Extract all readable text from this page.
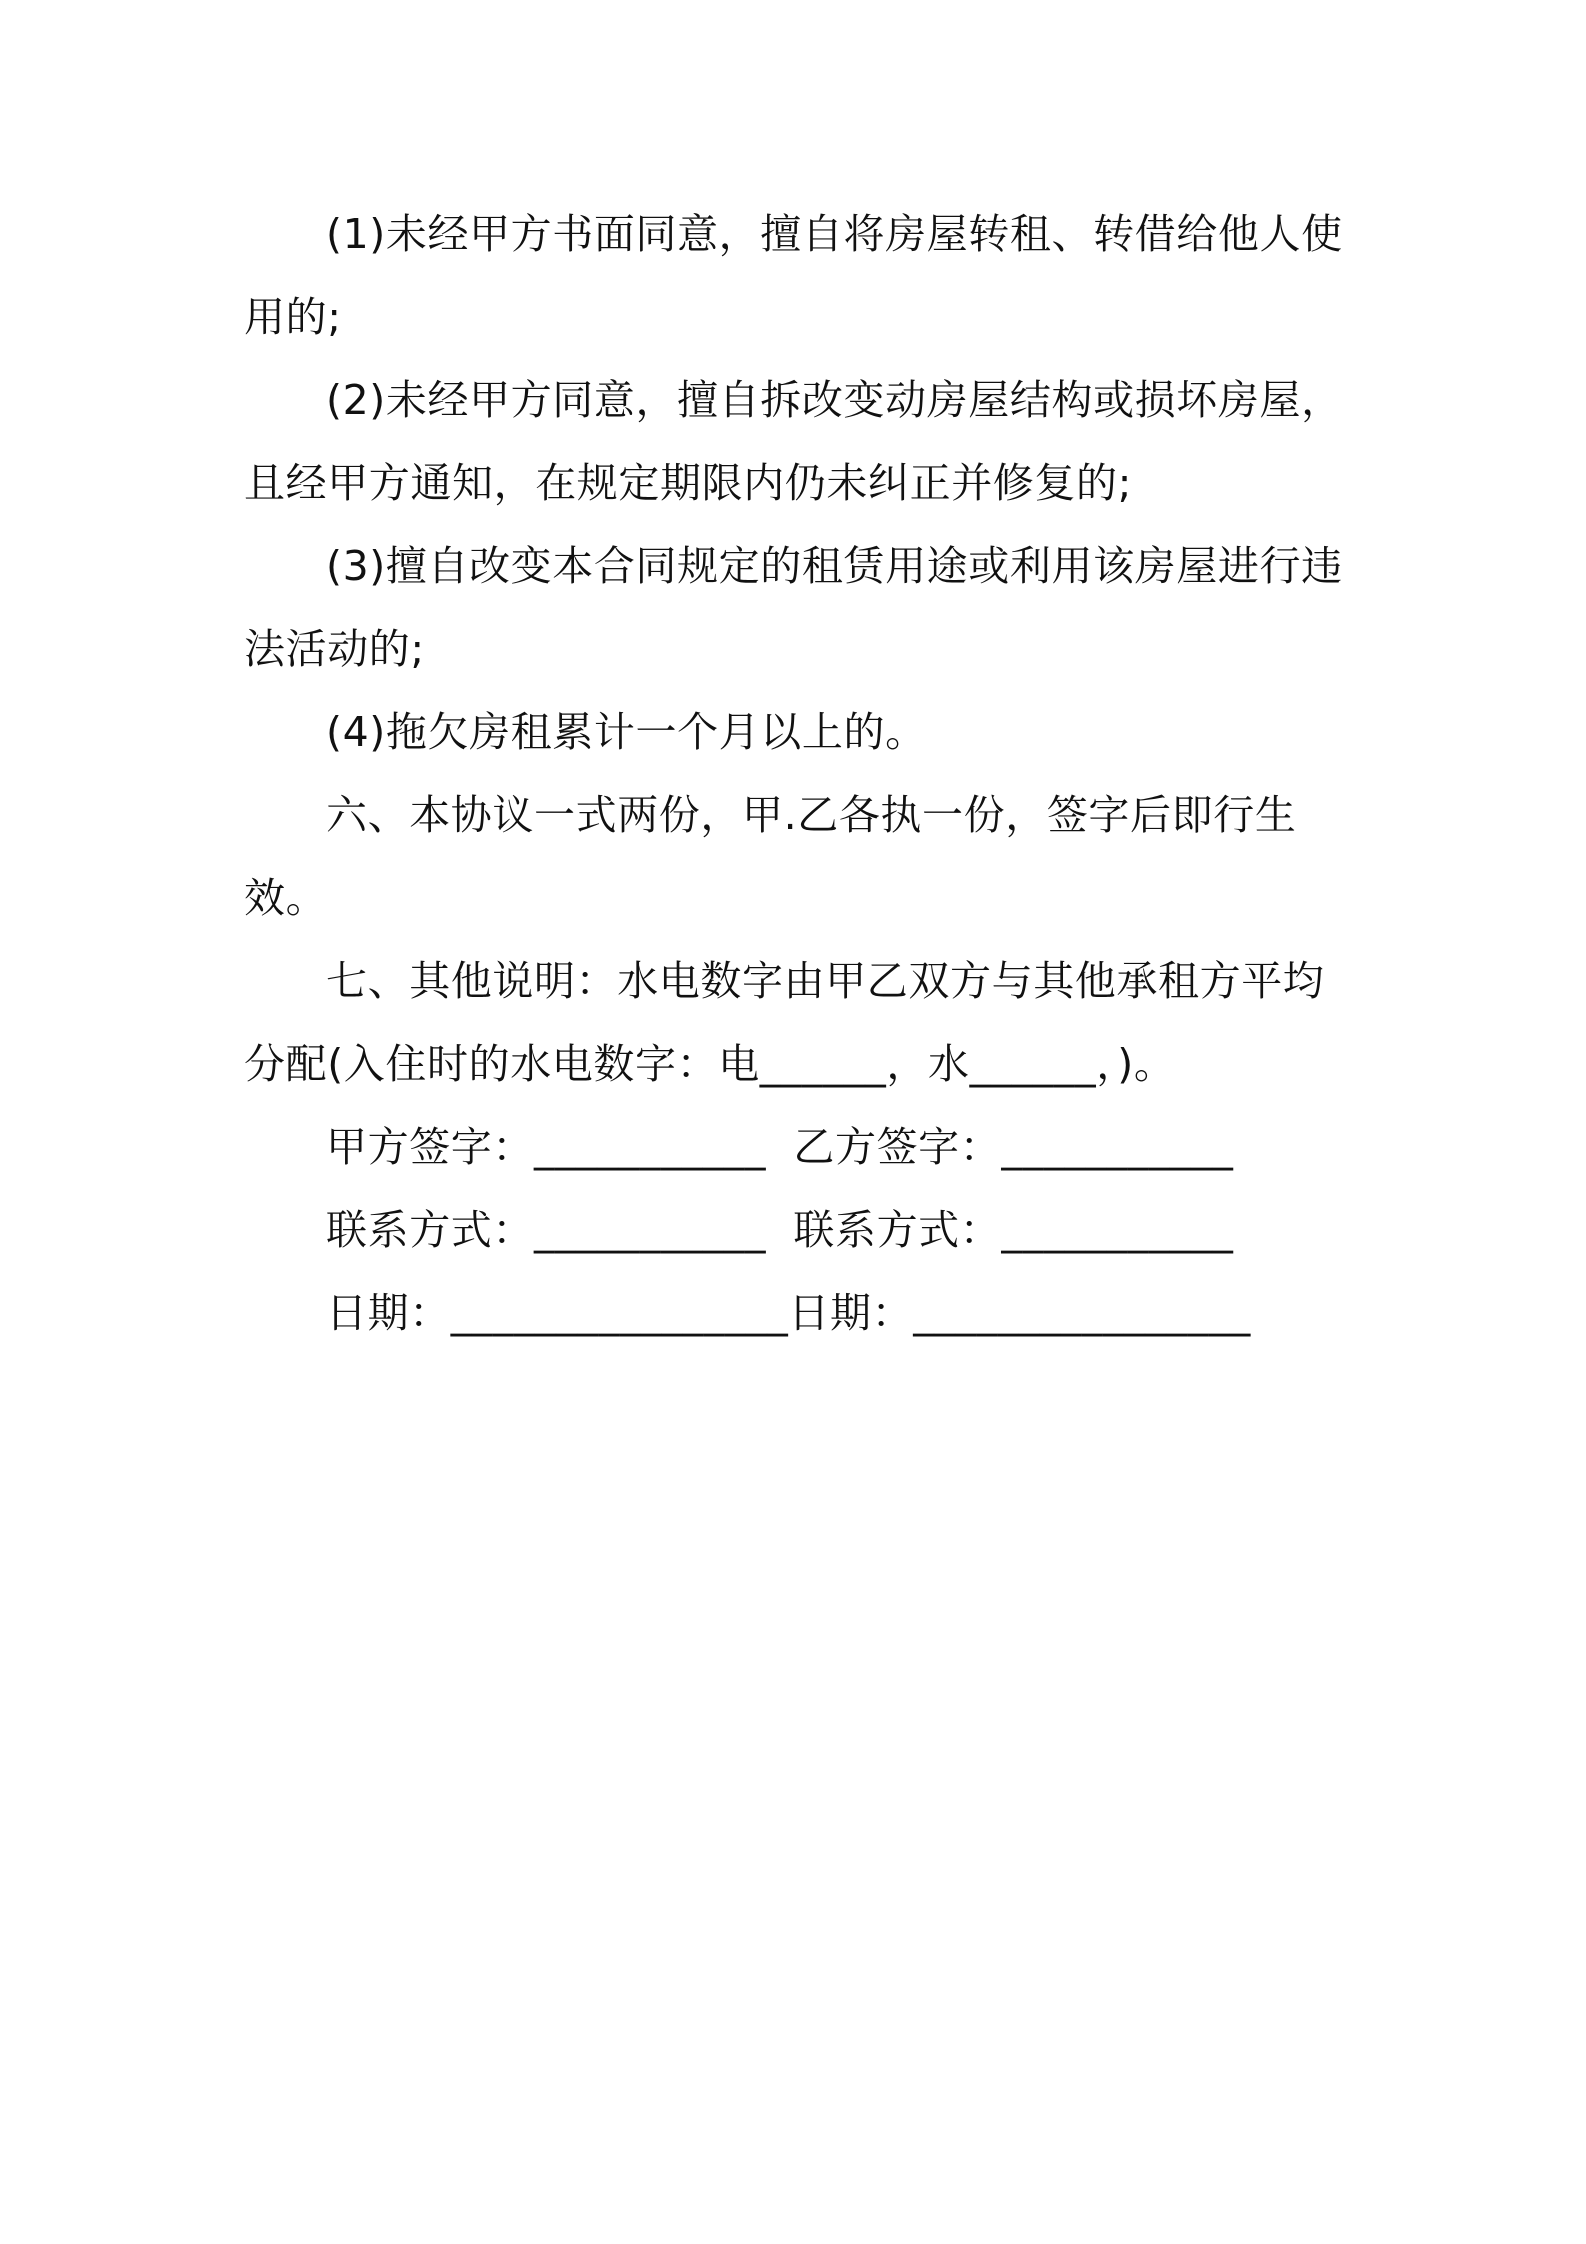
(1)未经甲方书面同意，擅自将房屋转租、转借给他人使用的;

(2)未经甲方同意，擅自拆改变动房屋结构或损坏房屋，且经甲方通知，在规定期限内仍未纠正并修复的;

(3)擅自改变本合同规定的租赁用途或利用该房屋进行违法活动的;

(4)拖欠房租累计一个月以上的。

六、本协议一式两份，甲.乙各执一份，签字后即行生效。

七、其他说明：水电数字由甲乙双方与其他承租方平均分配(入住时的水电数字：电______，水______，)。

甲方签字：___________  乙方签字：___________

联系方式：___________  联系方式：___________

日期：________________日期：________________
